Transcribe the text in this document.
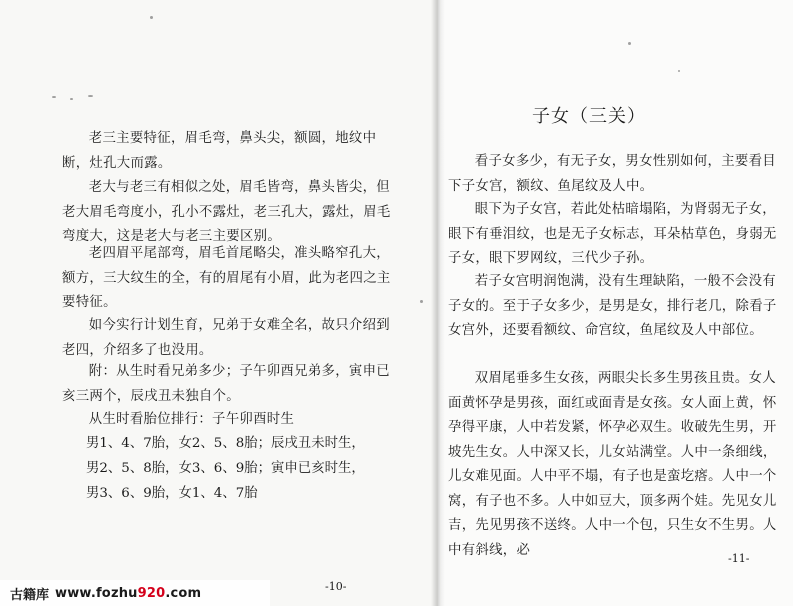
老三主要特征，眉毛弯，鼻头尖，额圆，地纹中断，灶孔大而露。
老大与老三有相似之处，眉毛皆弯，鼻头皆尖，但老大眉毛弯度小，孔小不露灶，老三孔大，露灶，眉毛弯度大，这是老大与老三主要区别。
老四眉平尾部弯，眉毛首尾略尖，准头略窄孔大，额方，三大纹生的全，有的眉尾有小眉，此为老四之主要特征。
如今实行计划生育，兄弟于女难全名，故只介绍到老四，介绍多了也没用。
附：从生时看兄弟多少；子午卯酉兄弟多，寅申已亥三两个，辰戌丑未独自个。
从生时看胎位排行：子午卯酉时生
男1、4、7胎，女2、5、8胎；辰戌丑未时生，
男2、5、8胎，女3、6、9胎；寅申已亥时生，
男3、6、9胎，女1、4、7胎
-10-
子女（三关）
看子女多少，有无子女，男女性别如何，主要看目下子女宫，额纹、鱼尾纹及人中。
眼下为子女宫，若此处枯暗塌陷，为肾弱无子女，眼下有垂泪纹，也是无子女标志，耳朵枯草色，身弱无子女，眼下罗网纹，三代少子孙。
若子女宫明润饱满，没有生理缺陷，一般不会没有子女的。至于子女多少，是男是女，排行老几，除看子女宫外，还要看额纹、命宫纹，鱼尾纹及人中部位。
双眉尾垂多生女孩，两眼尖长多生男孩且贵。女人面黄怀孕是男孩，面红或面青是女孩。女人面上黄，怀孕得平康，人中若发紧，怀孕必双生。收破先生男，开坡先生女。人中深又长，儿女站满堂。人中一条细线，儿女难见面。人中平不塌，有子也是蛮圪瘩。人中一个窝，有子也不多。人中如豆大，顶多两个娃。先见女儿吉，先见男孩不送终。人中一个包，只生女不生男。人中有斜线，必
-11-
古籍库 www.fozhu920.com
